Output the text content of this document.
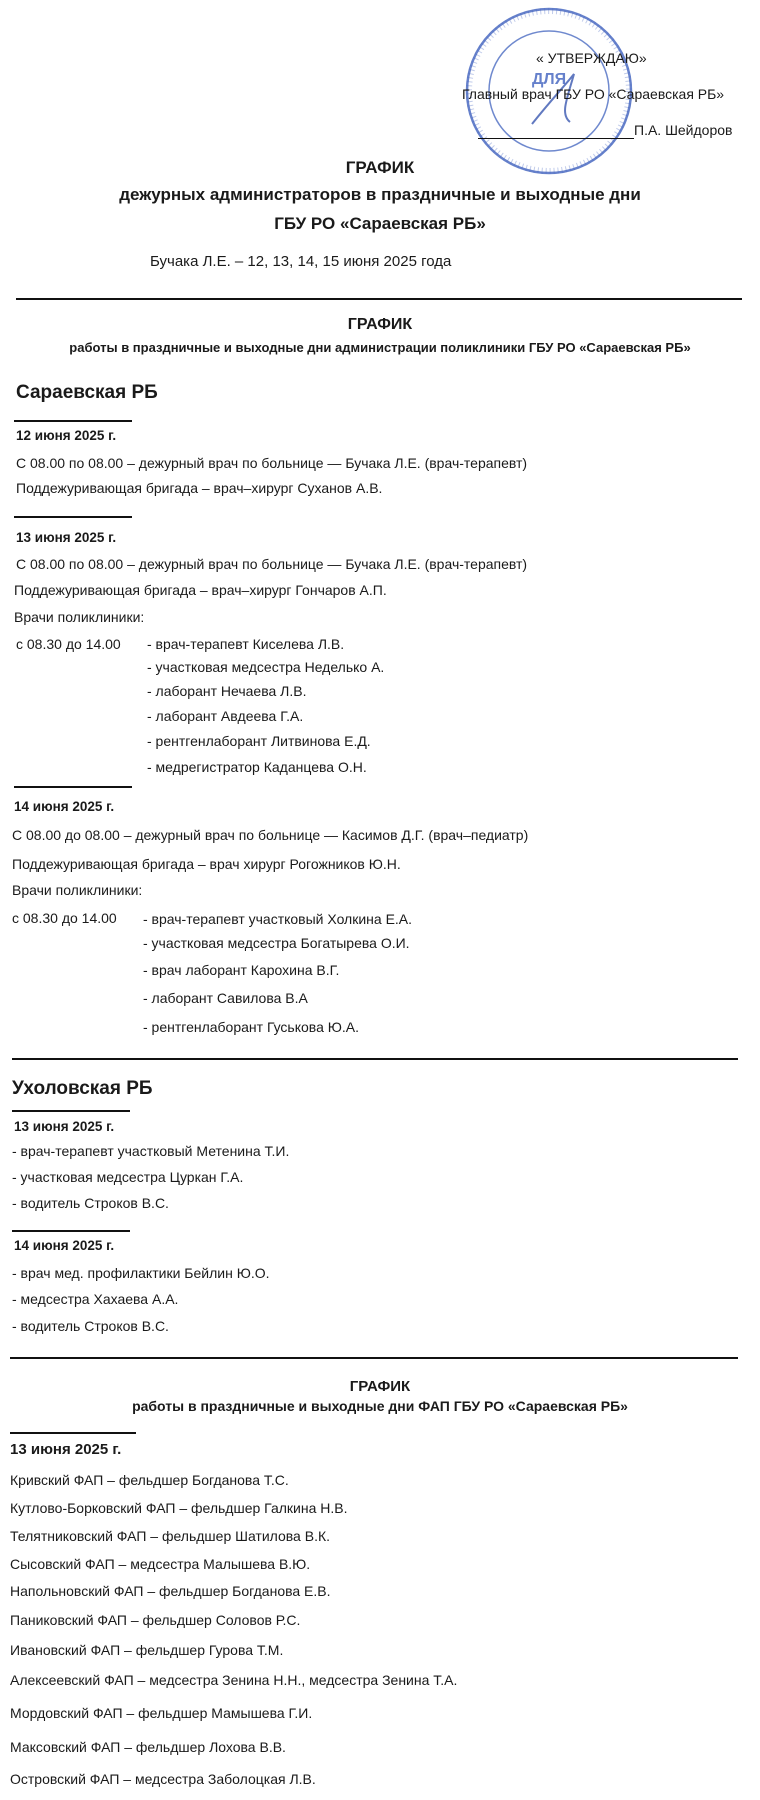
ДЛЯ
« УТВЕРЖДАЮ»
Главный врач ГБУ РО «Сараевская РБ»
П.А. Шейдоров
ГРАФИК
дежурных администраторов в праздничные и выходные дни
ГБУ РО «Сараевская РБ»
Бучака Л.Е. – 12, 13, 14, 15 июня 2025 года
ГРАФИК
работы в праздничные и выходные дни администрации поликлиники ГБУ РО «Сараевская РБ»
Сараевская РБ
12 июня 2025 г.
С 08.00 по 08.00 – дежурный врач по больнице — Бучака Л.Е. (врач-терапевт)
Поддежуривающая бригада – врач–хирург Суханов А.В.
13 июня 2025 г.
С 08.00 по 08.00 – дежурный врач по больнице — Бучака Л.Е. (врач-терапевт)
Поддежуривающая бригада – врач–хирург Гончаров А.П.
Врачи поликлиники:
с 08.30 до 14.00 - врач-терапевт Киселева Л.В.
- участковая медсестра Неделько А.
- лаборант Нечаева Л.В.
- лаборант Авдеева Г.А.
- рентгенлаборант Литвинова Е.Д.
- медрегистратор Каданцева О.Н.
14 июня 2025 г.
С 08.00 до 08.00 – дежурный врач по больнице — Касимов Д.Г. (врач–педиатр)
Поддежуривающая бригада – врач хирург Рогожников Ю.Н.
Врачи поликлиники:
с 08.30 до 14.00 - врач-терапевт участковый Холкина Е.А.
- участковая медсестра Богатырева О.И.
- врач лаборант Карохина В.Г.
- лаборант Савилова В.А
- рентгенлаборант Гуськова Ю.А.
Ухоловская РБ
13 июня 2025 г.
- врач-терапевт участковый Метенина Т.И.
- участковая медсестра Цуркан Г.А.
- водитель Строков В.С.
14 июня 2025 г.
- врач мед. профилактики Бейлин Ю.О.
- медсестра Хахаева А.А.
- водитель Строков В.С.
ГРАФИК
работы в праздничные и выходные дни ФАП ГБУ РО «Сараевская РБ»
13 июня 2025 г.
Кривский ФАП – фельдшер Богданова Т.С.
Кутлово-Борковский ФАП – фельдшер Галкина Н.В.
Телятниковский ФАП – фельдшер Шатилова В.К.
Сысовский ФАП – медсестра Малышева В.Ю.
Напольновский ФАП – фельдшер Богданова Е.В.
Паниковский ФАП – фельдшер Соловов Р.С.
Ивановский ФАП – фельдшер Гурова Т.М.
Алексеевский ФАП – медсестра Зенина Н.Н., медсестра Зенина Т.А.
Мордовский ФАП – фельдшер Мамышева Г.И.
Максовский ФАП – фельдшер Лохова В.В.
Островский ФАП – медсестра Заболоцкая Л.В.
